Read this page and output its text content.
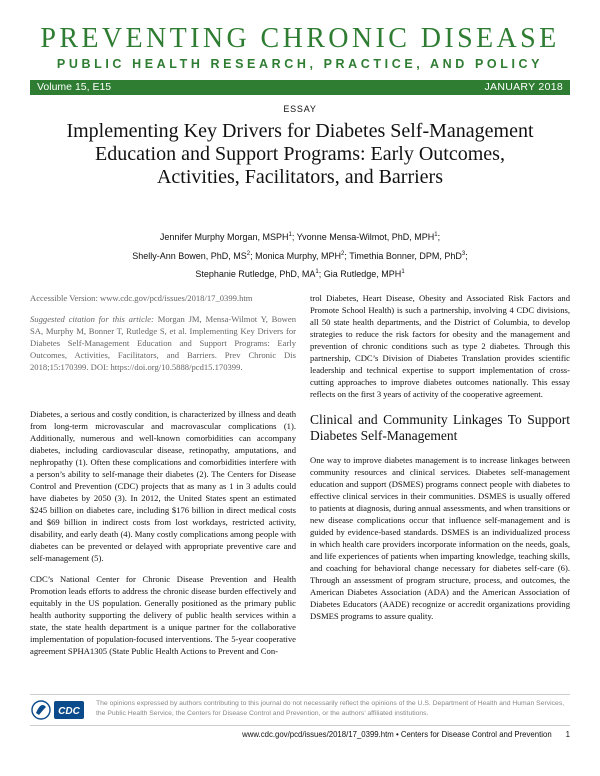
PREVENTING CHRONIC DISEASE
PUBLIC HEALTH RESEARCH, PRACTICE, AND POLICY
Volume 15, E15	JANUARY 2018
ESSAY
Implementing Key Drivers for Diabetes Self-Management Education and Support Programs: Early Outcomes, Activities, Facilitators, and Barriers
Jennifer Murphy Morgan, MSPH$^1$; Yvonne Mensa-Wilmot, PhD, MPH$^1$;
Shelly-Ann Bowen, PhD, $MS^2$; Monica Murphy, MPH$^2$; Timethia Bonner, DPM, PhD$^3$;
Stephanie Rutledge, PhD, $MA^1$; Gia Rutledge, MPH$^1$

Accessible Version: www.cdc.gov/pcd/issues/2018/17_0399.htm

Suggested citation for this article: Morgan JM, Mensa-Wilmot Y, Bowen SA, Murphy M, Bonner T, Rutledge S, et al. Implementing Key Drivers for Diabetes Self-Management Education and Support Programs: Early Outcomes, Activities, Facilitators, and Barriers. Prev Chronic Dis 2018;15:170399. DOI: https://doi.org/10.5888/pcd15.170399.

Diabetes, a serious and costly condition, is characterized by illness and death from long-term microvascular and macrovascular complications (1). Additionally, numerous and well-known comorbidities can accompany diabetes, including cardiovascular disease, retinopathy, amputations, and nephropathy (1). Often these complications and comorbidities interfere with a person’s ability to self-manage their diabetes (2). The Centers for Disease Control and Prevention (CDC) projects that as many as 1 in 3 adults could have diabetes by 2050 (3). In 2012, the United States spent an estimated $245 billion on diabetes care, including $176 billion in direct medical costs and $69 billion in indirect costs from lost workdays, restricted activity, disability, and early death (4). Many costly complications among people with diabetes can be prevented or delayed with appropriate preventive care and self-management (5).

CDC’s National Center for Chronic Disease Prevention and Health Promotion leads efforts to address the chronic disease burden effectively and equitably in the US population. Generally positioned as the primary public health authority supporting the delivery of public health services within a state, the state health department is a unique partner for the collaborative implementation of population-focused interventions. The 5-year cooperative agreement SPHA1305 (State Public Health Actions to Prevent and Con-

trol Diabetes, Heart Disease, Obesity and Associated Risk Factors and Promote School Health) is such a partnership, involving 4 CDC divisions, all 50 state health departments, and the District of Columbia, to develop strategies to reduce the risk factors for obesity and the management and prevention of chronic conditions such as type 2 diabetes. Through this partnership, CDC’s Division of Diabetes Translation provides scientific leadership and technical expertise to support implementation of cross-cutting approaches to improve diabetes outcomes nationally. This essay reflects on the first 3 years of activity of the cooperative agreement.

Clinical and Community Linkages To Support Diabetes Self-Management

One way to improve diabetes management is to increase linkages between community resources and clinical services. Diabetes self-management education and support (DSMES) programs connect people with diabetes to effective clinical services in their communities. DSMES is usually offered to patients at diagnosis, during annual assessments, and when transitions or new disease complications occur that influence self-management and is guided by evidence-based standards. DSMES is an individualized process in which health care providers incorporate information on the needs, goals, and life experiences of patients when imparting knowledge, teaching skills, and coaching for behavioral change necessary for diabetes self-care (6). Through an assessment of program structure, process, and outcomes, the American Diabetes Association (ADA) and the American Association of Diabetes Educators (AADE) recognize or accredit organizations providing DSMES programs to assure quality.

CDC
The opinions expressed by authors contributing to this journal do not necessarily reflect the opinions of the U.S. Department of Health and Human Services, the Public Health Service, the Centers for Disease Control and Prevention, or the authors’ affiliated institutions.
www.cdc.gov/pcd/issues/2018/17_0399.htm • Centers for Disease Control and Prevention 1
